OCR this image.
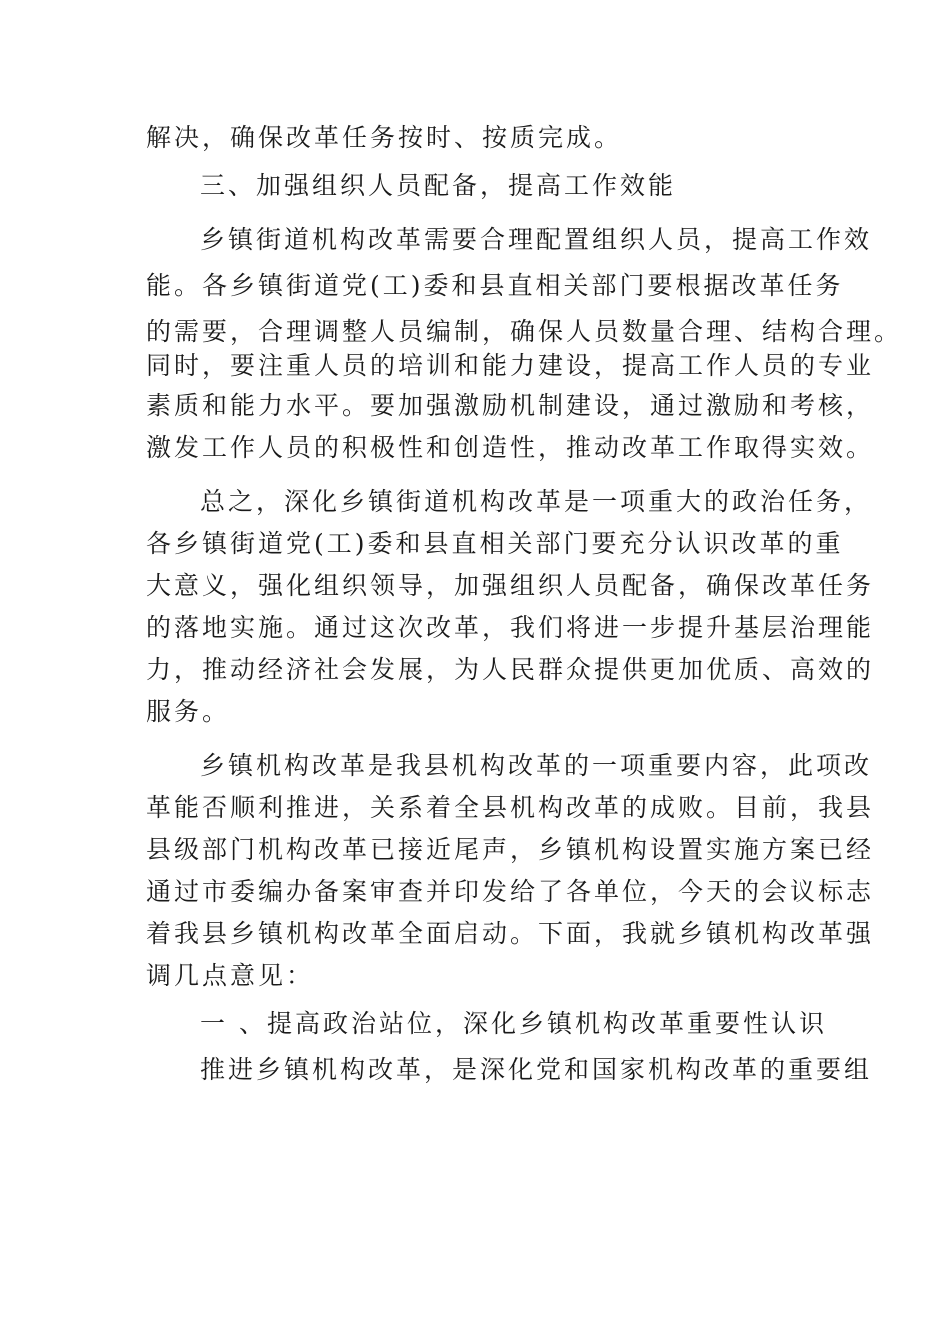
解决，确保改革任务按时、按质完成。
三、加强组织人员配备，提高工作效能
乡镇街道机构改革需要合理配置组织人员，提高工作效
能。各乡镇街道党(工)委和县直相关部门要根据改革任务
的需要，合理调整人员编制，确保人员数量合理、结构合理。
同时，要注重人员的培训和能力建设，提高工作人员的专业
素质和能力水平。要加强激励机制建设，通过激励和考核，
激发工作人员的积极性和创造性，推动改革工作取得实效。
总之，深化乡镇街道机构改革是一项重大的政治任务，
各乡镇街道党(工)委和县直相关部门要充分认识改革的重
大意义，强化组织领导，加强组织人员配备，确保改革任务
的落地实施。通过这次改革，我们将进一步提升基层治理能
力，推动经济社会发展，为人民群众提供更加优质、高效的
服务。
乡镇机构改革是我县机构改革的一项重要内容，此项改
革能否顺利推进，关系着全县机构改革的成败。目前，我县
县级部门机构改革已接近尾声，乡镇机构设置实施方案已经
通过市委编办备案审查并印发给了各单位，今天的会议标志
着我县乡镇机构改革全面启动。下面，我就乡镇机构改革强
调几点意见：
一 、提高政治站位，深化乡镇机构改革重要性认识
推进乡镇机构改革，是深化党和国家机构改革的重要组
